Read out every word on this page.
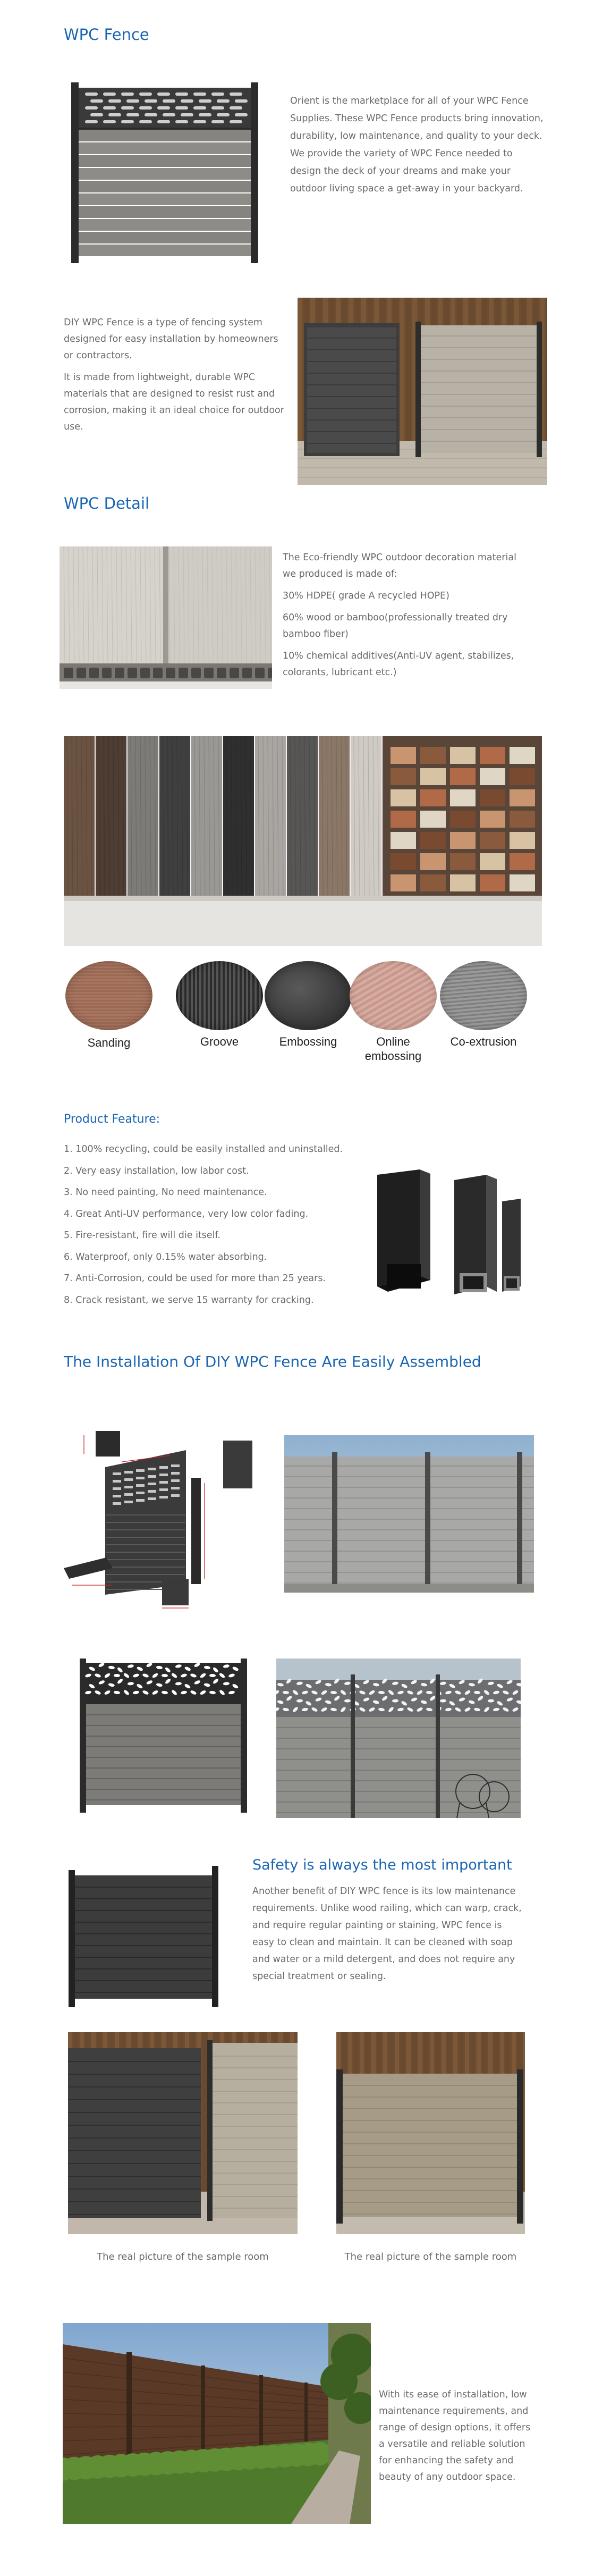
WPC Fence
Orient is the marketplace for all of your WPC Fence Supplies. These WPC Fence products bring innovation, durability, low maintenance, and quality to your deck. We provide the variety of WPC Fence needed to design the deck of your dreams and make your outdoor living space a get-away in your backyard.

DIY WPC Fence is a type of fencing system designed for easy installation by homeowners or contractors.

It is made from lightweight, durable WPC materials that are designed to resist rust and corrosion, making it an ideal choice for outdoor use.

WPC Detail

The Eco-friendly WPC outdoor decoration material we produced is made of:

30% HDPE( grade A recycled HOPE)

60% wood or bamboo(professionally treated dry bamboo fiber)

10% chemical additives(Anti-UV agent, stabilizes, colorants, lubricant etc.)

Sanding	Groove	Embossing	Online embossing
Co-extrusion
Product Feature:
1. 100% recycling, could be easily installed and uninstalled.
2. Very easy installation, low labor cost.
3. No need painting, No need maintenance.
4. Great Anti-UV performance, very low color fading.
5. Fire-resistant, fire will die itself.
6. Waterproof, only 0.15% water absorbing.
7. Anti-Corrosion, could be used for more than 25 years.
8. Crack resistant, we serve 15 warranty for cracking.
The Installation Of DIY WPC Fence Are Easily Assembled
Safety is always the most important
Another benefit of DIY WPC fence is its low maintenance requirements. Unlike wood railing, which can warp, crack, and require regular painting or staining, WPC fence is easy to clean and maintain. It can be cleaned with soap and water or a mild detergent, and does not require any special treatment or sealing.
The real picture of the sample room	The real picture of the sample room
With its ease of installation, low maintenance requirements, and range of design options, it offers a versatile and reliable solution for enhancing the safety and beauty of any outdoor space.
